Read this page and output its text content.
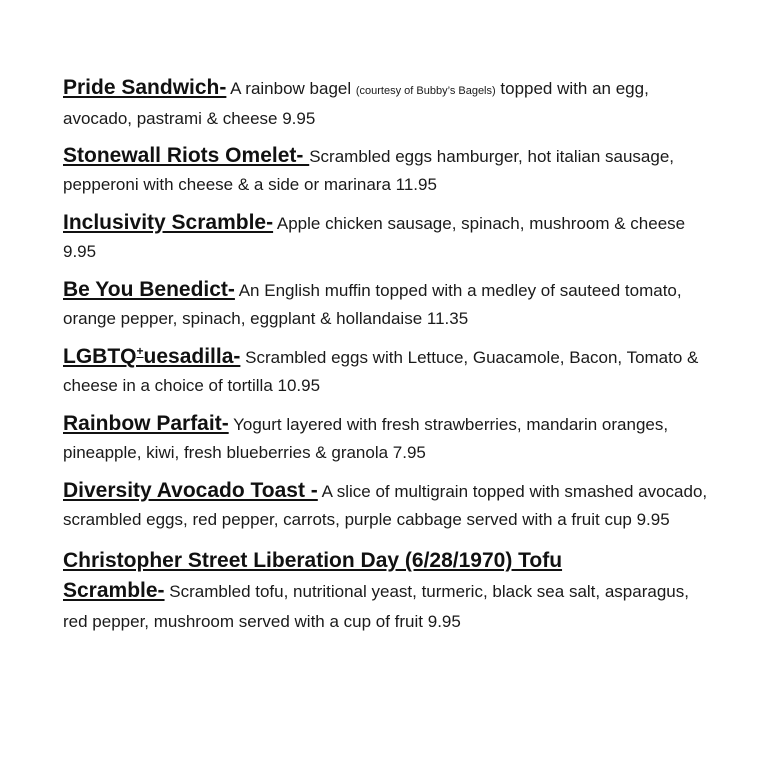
Pride Sandwich- A rainbow bagel (courtesy of Bubby’s Bagels) topped with an egg, avocado, pastrami & cheese 9.95

Stonewall Riots Omelet- Scrambled eggs hamburger, hot italian sausage, pepperoni with cheese & a side or marinara 11.95

Inclusivity Scramble- Apple chicken sausage, spinach, mushroom & cheese 9.95

Be You Benedict- An English muffin topped with a medley of sauteed tomato, orange pepper, spinach, eggplant & hollandaise 11.35

LGBTQ+uesadilla- Scrambled eggs with Lettuce, Guacamole, Bacon, Tomato & cheese in a choice of tortilla 10.95

Rainbow Parfait- Yogurt layered with fresh strawberries, mandarin oranges, pineapple, kiwi, fresh blueberries & granola 7.95

Diversity Avocado Toast - A slice of multigrain topped with smashed avocado, scrambled eggs, red pepper, carrots, purple cabbage served with a fruit cup 9.95

Christopher Street Liberation Day (6/28/1970) Tofu
Scramble- Scrambled tofu, nutritional yeast, turmeric, black sea salt, asparagus, red pepper, mushroom served with a cup of fruit 9.95
